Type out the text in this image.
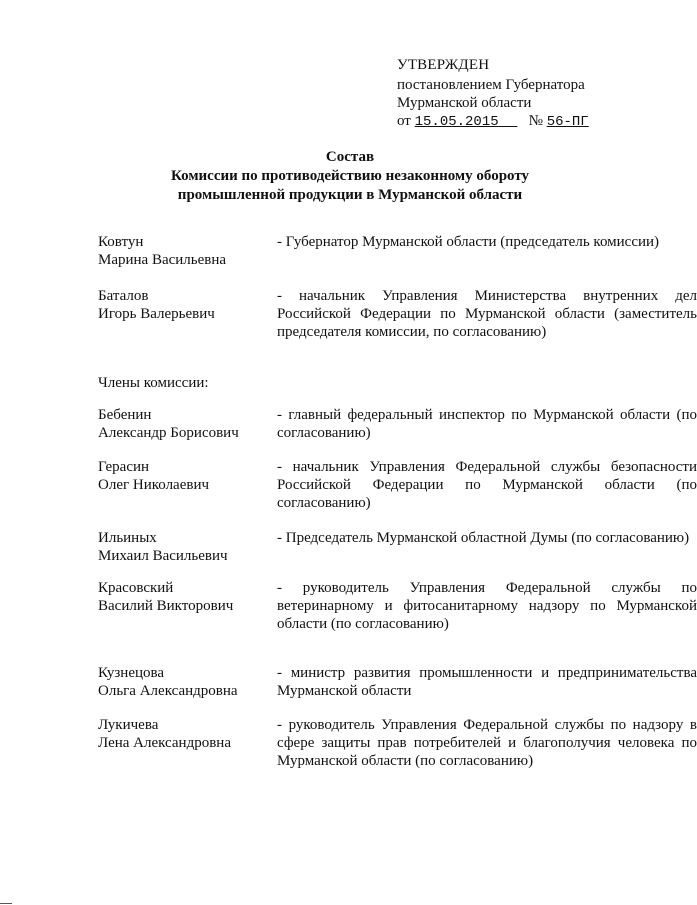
УТВЕРЖДЕН
постановлением Губернатора
Мурманской области
от 15.05.2015 № 56-ПГ
Состав
Комиссии по противодействию незаконному обороту
промышленной продукции в Мурманской области
Ковтун
Марина Васильевна
- Губернатор Мурманской области (председатель комиссии)
Баталов
Игорь Валерьевич
- начальник Управления Министерства внутренних дел Российской Федерации по Мурманской области (заместитель председателя комиссии, по согласованию)
Члены комиссии:
Бебенин
Александр Борисович
- главный федеральный инспектор по Мурманской области (по согласованию)
Герасин
Олег Николаевич
- начальник Управления Федеральной службы безопасности Российской Федерации по Мурманской области (по согласованию)
Ильиных
Михаил Васильевич
- Председатель Мурманской областной Думы (по согласованию)
Красовский
Василий Викторович
- руководитель Управления Федеральной службы по ветеринарному и фитосанитарному надзору по Мурманской области (по согласованию)
Кузнецова
Ольга Александровна
- министр развития промышленности и предпринимательства Мурманской области
Лукичева
Лена Александровна
- руководитель Управления Федеральной службы по надзору в сфере защиты прав потребителей и благополучия человека по Мурманской области (по согласованию)
